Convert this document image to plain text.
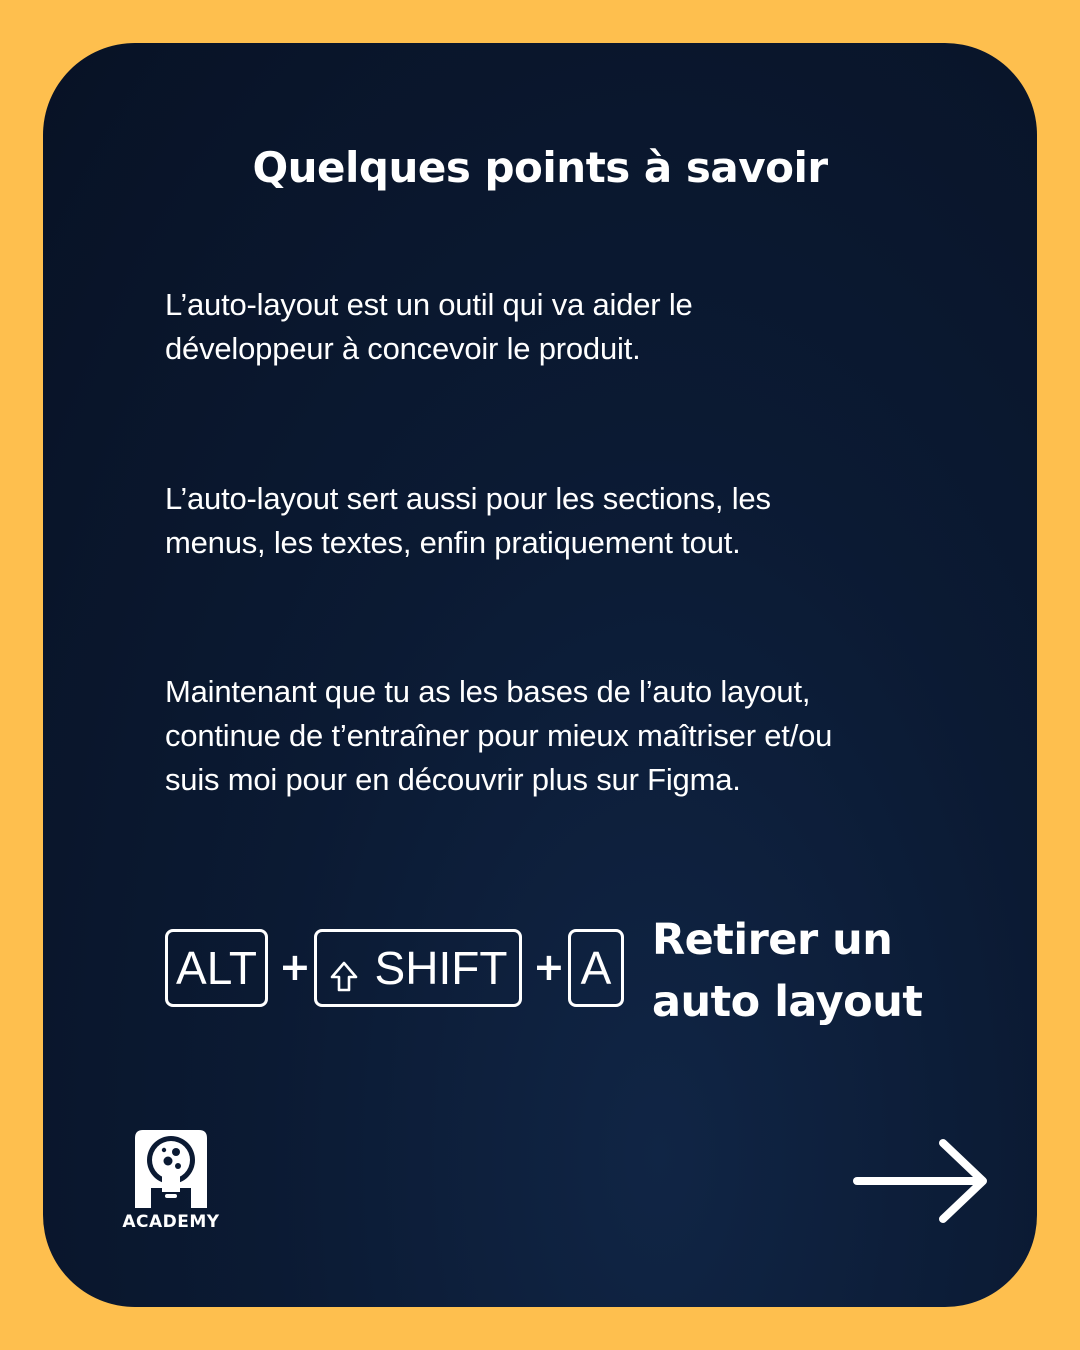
Quelques points à savoir

L’auto-layout est un outil qui va aider le
développeur à concevoir le produit.

L’auto-layout sert aussi pour les sections, les
menus, les textes, enfin pratiquement tout.

Maintenant que tu as les bases de l’auto layout,
continue de t’entraîner pour mieux maîtriser et/ou
suis moi pour en découvrir plus sur Figma.

ALT + SHIFT + A
Retirer un
auto layout
ACADEMY
